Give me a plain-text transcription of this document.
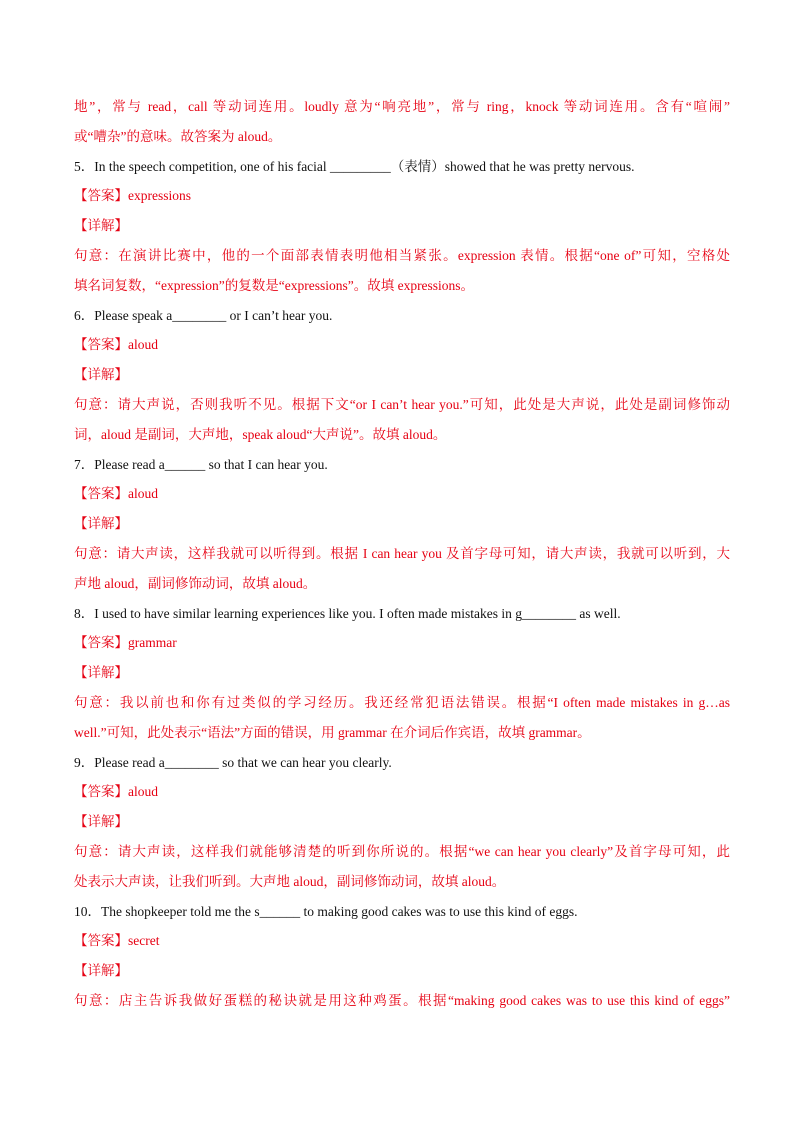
地”，常与 read，call 等动词连用。loudly 意为“响亮地”，常与 ring，knock 等动词连用。含有“喧闹”
或“嘈杂”的意味。故答案为 aloud。
5．In the speech competition, one of his facial _________（表情）showed that he was pretty nervous.
【答案】expressions
【详解】
句意：在演讲比赛中，他的一个面部表情表明他相当紧张。expression 表情。根据“one of”可知，空格处
填名词复数，“expression”的复数是“expressions”。故填 expressions。
6．Please speak a________ or I can’t hear you.
【答案】aloud
【详解】
句意：请大声说，否则我听不见。根据下文“or I can’t hear you.”可知，此处是大声说，此处是副词修饰动
词，aloud 是副词，大声地，speak aloud“大声说”。故填 aloud。
7．Please read a______ so that I can hear you.
【答案】aloud
【详解】
句意：请大声读，这样我就可以听得到。根据 I can hear you 及首字母可知，请大声读，我就可以听到，大
声地 aloud，副词修饰动词，故填 aloud。
8．I used to have similar learning experiences like you. I often made mistakes in g________ as well.
【答案】grammar
【详解】
句意：我以前也和你有过类似的学习经历。我还经常犯语法错误。根据“I often made mistakes in g…as
well.”可知，此处表示“语法”方面的错误，用 grammar 在介词后作宾语，故填 grammar。
9．Please read a________ so that we can hear you clearly.
【答案】aloud
【详解】
句意：请大声读，这样我们就能够清楚的听到你所说的。根据“we can hear you clearly”及首字母可知，此
处表示大声读，让我们听到。大声地 aloud，副词修饰动词，故填 aloud。
10．The shopkeeper told me the s______ to making good cakes was to use this kind of eggs.
【答案】secret
【详解】
句意：店主告诉我做好蛋糕的秘诀就是用这种鸡蛋。根据“making good cakes was to use this kind of eggs”
